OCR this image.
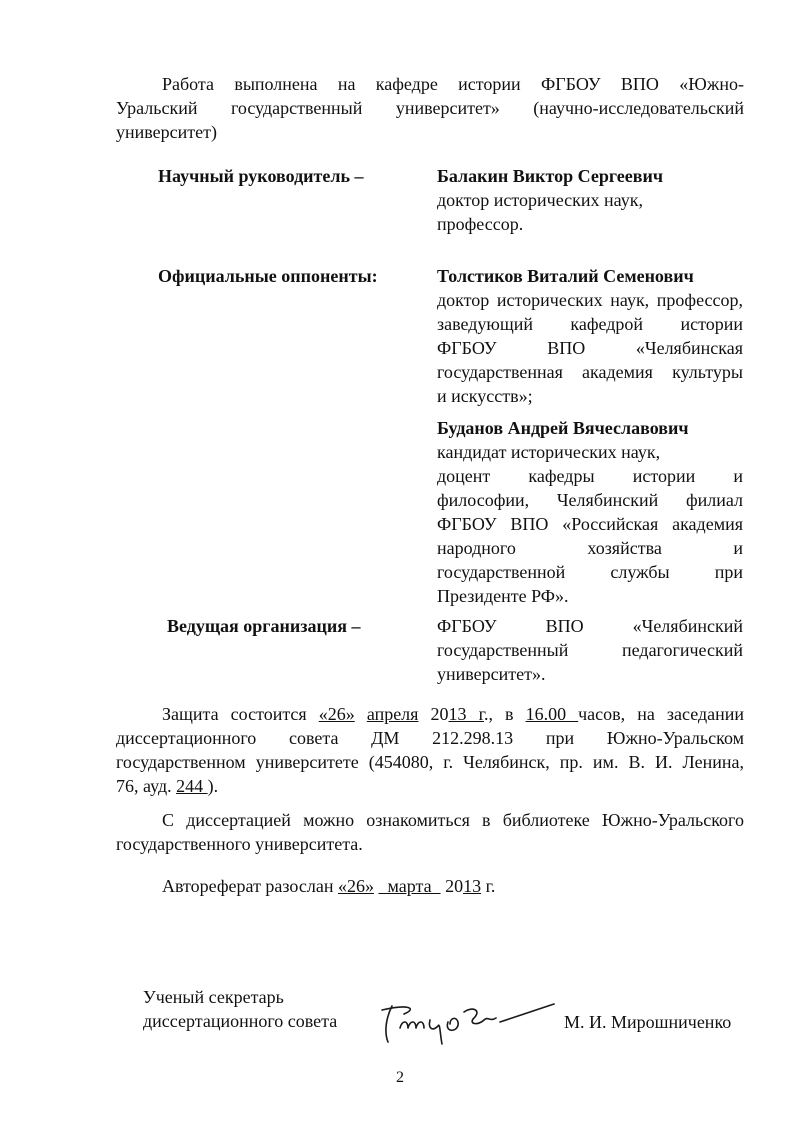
Работа выполнена на кафедре истории ФГБОУ ВПО «Южно-
Уральский государственный университет» (научно-исследовательский
университет)
Научный руководитель –	Балакин Виктор Сергеевич
доктор исторических наук,
профессор.
Официальные оппоненты:	Толстиков Виталий Семенович
доктор исторических наук, профессор,
заведующий кафедрой истории
ФГБОУ ВПО «Челябинская
государственная академия культуры
и искусств»;
Буданов Андрей Вячеславович
кандидат исторических наук,
доцент кафедры истории и
философии, Челябинский филиал
ФГБОУ ВПО «Российская академия
народного хозяйства и
государственной службы при
Президенте РФ».
Ведущая организация –	ФГБОУ ВПО «Челябинский
государственный педагогический
университет».
Защита состоится «26» апреля 2013 г., в 16.00 часов, на заседании
диссертационного совета ДМ 212.298.13 при Южно-Уральском
государственном университете (454080, г. Челябинск, пр. им. В. И. Ленина,
76, ауд. 244 ).
С диссертацией можно ознакомиться в библиотеке Южно-Уральского
государственного университета.
Автореферат разослан «26»   марта   2013 г.
Ученый секретарь
диссертационного совета	М. И. Мирошниченко
2
